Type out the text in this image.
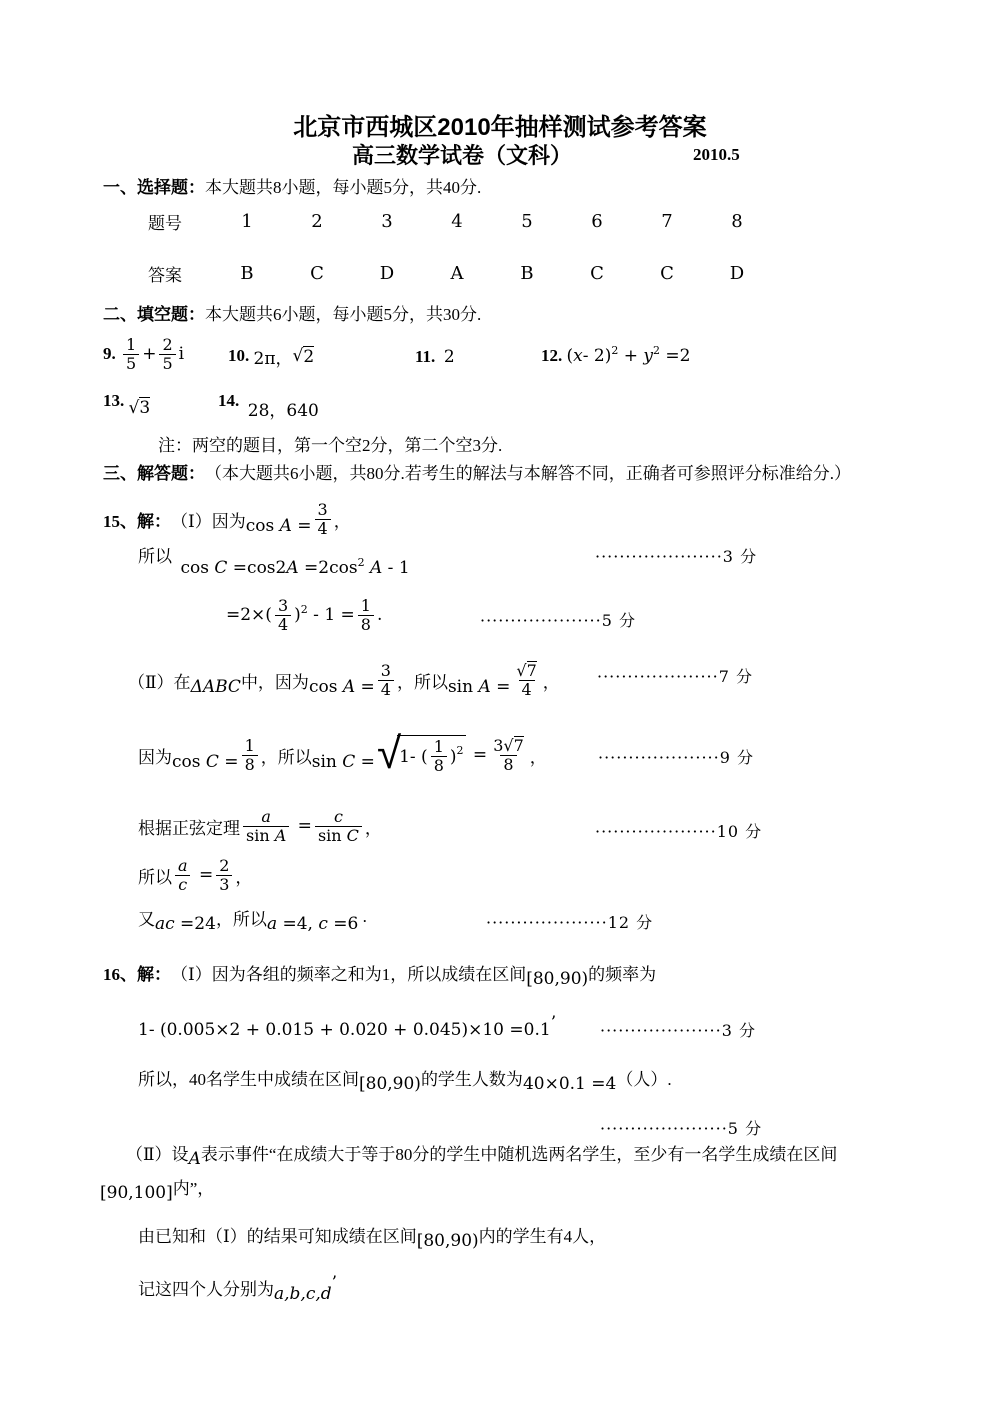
北京市西城区2010年抽样测试参考答案
高三数学试卷（文科）	2010.5
一、选择题： 本大题共8小题，每小题5分，共40分.
题号	1	2	3	4	5	6	7	8
答案	B	C	D	A	B	C	C	D
二、填空题： 本大题共6小题，每小题5分，共30分.
9.
$\frac{1}{5} + \frac{2}{5}$ i	10.
2π， √ 2	11.
2	12.
( x - 2) 2 + y 2 =2
13.
√3	14.
28，640
注：两空的题目，第一个空2分，第二个空3分.
三、解答题： （本大题共6小题，共80分.若考生的解法与本解答不同，正确者可参照评分标准给分.）
15、 解： （Ⅰ）因为 $\cos A = \frac{3}{4}$ ，
所以

cos C =cos2 A =2cos 2 A - 1
·····················3 分
$=2\times( \frac{3}{4}$ ) $2 - 1 = \frac{1}{8}$ .	····················5 分
（Ⅱ）在 ΔABC 中，因为 $\cos A = \frac{3}{4}$ ，所以 $\sin A = \frac{√ 7}{4}$ ， ····················7 分
因为 $\cos C = \frac{1}{8}$ ，所以 sin C = √
1- ( $\frac{1}{8}$ ) $2 = \frac{3 √ 7}{8}$ ，	····················9 分
根据正弦定理 $\frac{a}{\text{sin A}} = \frac{c}{\text{sin C}}$ ，	····················10 分
所以 $\frac{a}{c} = \frac{2}{3}$ ，
又 ac =24 ，所以 a =4, c =6 .	····················12 分
16、 解： （Ⅰ）因为各组的频率之和为1，所以成绩在区间 [80,90) 的频率为
1- (0.005×2 + 0.015 + 0.020 + 0.045)×10 =0.1 ’	····················3 分
所以，40名学生中成绩在区间 [80,90) 的学生人数为 40×0.1 =4 （人）.
·····················5 分
（Ⅱ）设 A 表示事件“在成绩大于等于80分的学生中随机选两名学生，至少有一名学生成绩在区间
[90,100] 内”，
由已知和（Ⅰ）的结果可知成绩在区间 [80,90) 内的学生有4人，
记这四个人分别为 a,b,c,d
’
